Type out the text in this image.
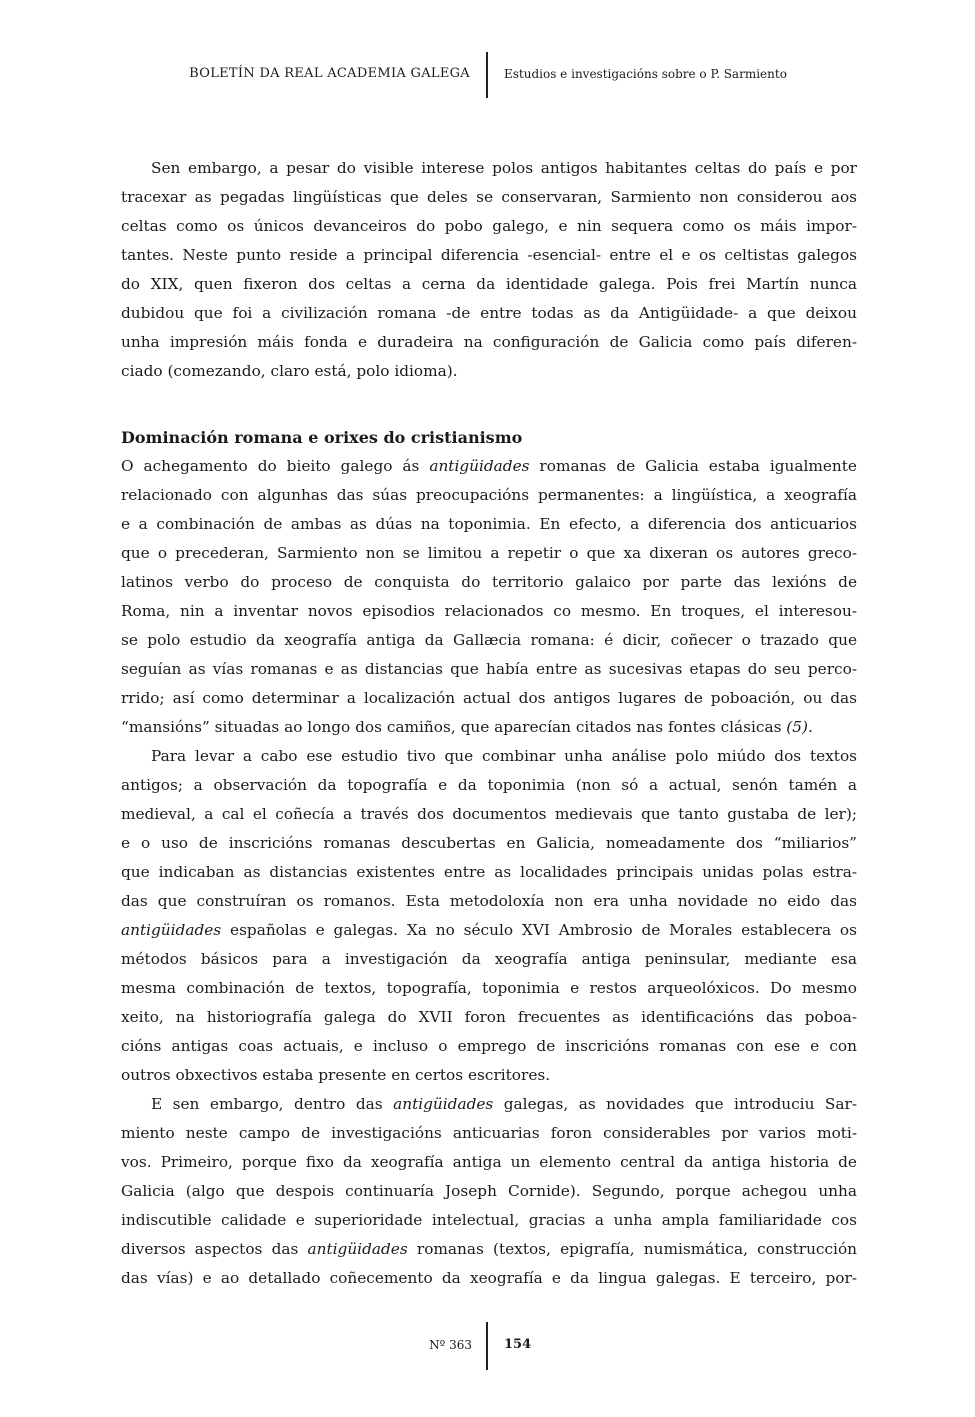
BOLETÍN DA REAL ACADEMIA GALEGA	Estudios e investigacións sobre o P. Sarmiento
Sen embargo, a pesar do visible interese polos antigos habitantes celtas do país e por
tracexar as pegadas lingüísticas que deles se conservaran, Sarmiento non considerou aos
celtas como os únicos devanceiros do pobo galego, e nin sequera como os máis impor-
tantes. Neste punto reside a principal diferencia -esencial- entre el e os celtistas galegos
do XIX, quen fixeron dos celtas a cerna da identidade galega. Pois frei Martín nunca
dubidou que foi a civilización romana -de entre todas as da Antigüidade- a que deixou
unha impresión máis fonda e duradeira na configuración de Galicia como país diferen-
ciado (comezando, claro está, polo idioma).
Dominación romana e orixes do cristianismo
O achegamento do bieito galego ás antigüidades romanas de Galicia estaba igualmente
relacionado con algunhas das súas preocupacións permanentes: a lingüística, a xeografía
e a combinación de ambas as dúas na toponimia. En efecto, a diferencia dos anticuarios
que o precederan, Sarmiento non se limitou a repetir o que xa dixeran os autores greco-
latinos verbo do proceso de conquista do territorio galaico por parte das lexións de
Roma, nin a inventar novos episodios relacionados co mesmo. En troques, el interesou-
se polo estudio da xeografía antiga da Gallæcia romana: é dicir, coñecer o trazado que
seguían as vías romanas e as distancias que había entre as sucesivas etapas do seu perco-
rrido; así como determinar a localización actual dos antigos lugares de poboación, ou das
“mansións” situadas ao longo dos camiños, que aparecían citados nas fontes clásicas (5).
Para levar a cabo ese estudio tivo que combinar unha análise polo miúdo dos textos
antigos; a observación da topografía e da toponimia (non só a actual, senón tamén a
medieval, a cal el coñecía a través dos documentos medievais que tanto gustaba de ler);
e o uso de inscricións romanas descubertas en Galicia, nomeadamente dos “miliarios”
que indicaban as distancias existentes entre as localidades principais unidas polas estra-
das que construíran os romanos. Esta metodoloxía non era unha novidade no eido das
antigüidades españolas e galegas. Xa no século XVI Ambrosio de Morales establecera os
métodos básicos para a investigación da xeografía antiga peninsular, mediante esa
mesma combinación de textos, topografía, toponimia e restos arqueolóxicos. Do mesmo
xeito, na historiografía galega do XVII foron frecuentes as identificacións das poboa-
cións antigas coas actuais, e incluso o emprego de inscricións romanas con ese e con
outros obxectivos estaba presente en certos escritores.
E sen embargo, dentro das antigüidades galegas, as novidades que introduciu Sar-
miento neste campo de investigacións anticuarias foron considerables por varios moti-
vos. Primeiro, porque fixo da xeografía antiga un elemento central da antiga historia de
Galicia (algo que despois continuaría Joseph Cornide). Segundo, porque achegou unha
indiscutible calidade e superioridade intelectual, gracias a unha ampla familiaridade cos
diversos aspectos das antigüidades romanas (textos, epigrafía, numismática, construcción
das vías) e ao detallado coñecemento da xeografía e da lingua galegas. E terceiro, por-
Nº 363 154
